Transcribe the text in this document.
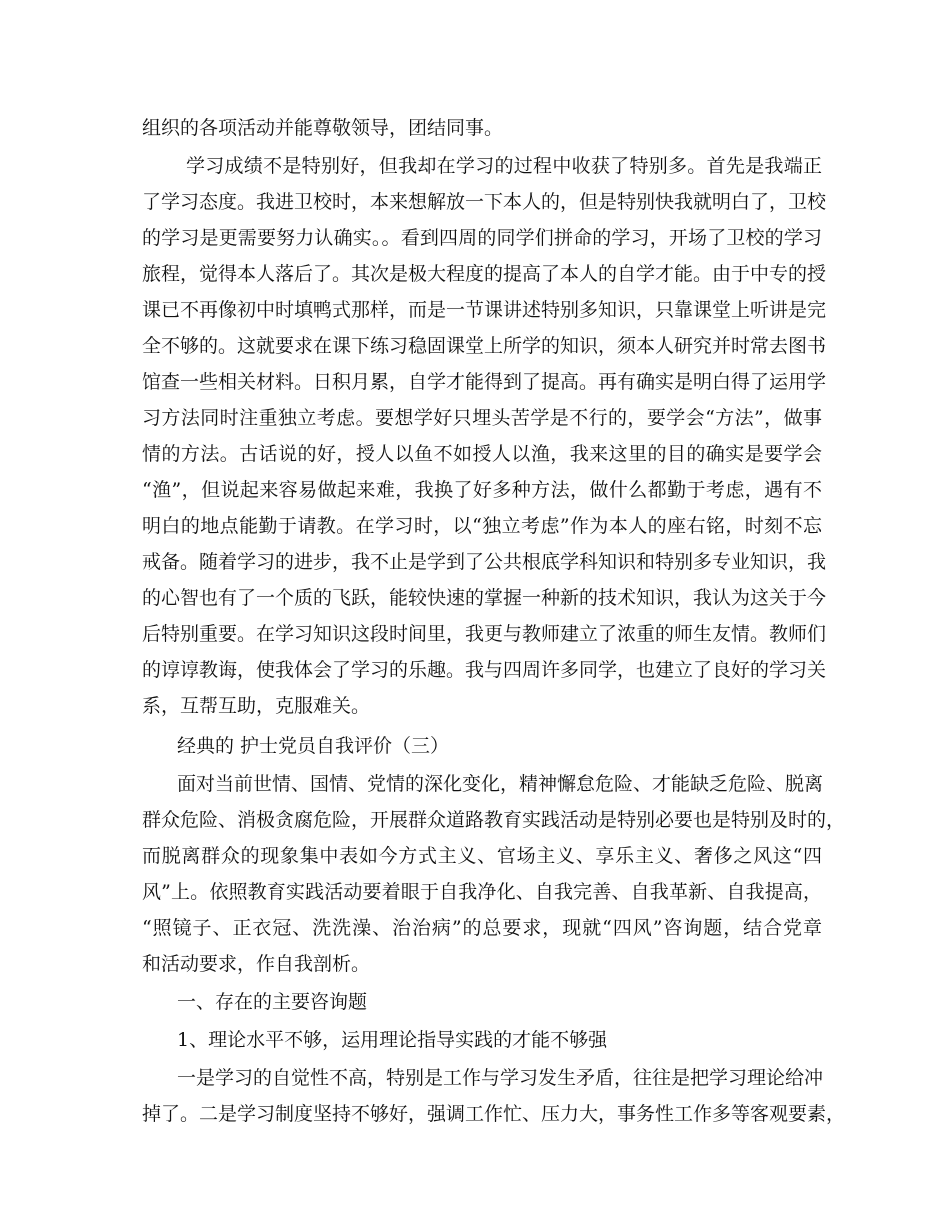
组织的各项活动并能尊敬领导，团结同事。
学习成绩不是特别好，但我却在学习的过程中收获了特别多。首先是我端正
了学习态度。我进卫校时，本来想解放一下本人的，但是特别快我就明白了，卫校
的学习是更需要努力认确实。。看到四周的同学们拼命的学习，开场了卫校的学习
旅程，觉得本人落后了。其次是极大程度的提高了本人的自学才能。由于中专的授
课已不再像初中时填鸭式那样，而是一节课讲述特别多知识，只靠课堂上听讲是完
全不够的。这就要求在课下练习稳固课堂上所学的知识，须本人研究并时常去图书
馆查一些相关材料。日积月累，自学才能得到了提高。再有确实是明白得了运用学
习方法同时注重独立考虑。要想学好只埋头苦学是不行的，要学会“方法”，做事
情的方法。古话说的好，授人以鱼不如授人以渔，我来这里的目的确实是要学会
“渔”，但说起来容易做起来难，我换了好多种方法，做什么都勤于考虑，遇有不
明白的地点能勤于请教。在学习时，以“独立考虑”作为本人的座右铭，时刻不忘
戒备。随着学习的进步，我不止是学到了公共根底学科知识和特别多专业知识，我
的心智也有了一个质的飞跃，能较快速的掌握一种新的技术知识，我认为这关于今
后特别重要。在学习知识这段时间里，我更与教师建立了浓重的师生友情。教师们
的谆谆教诲，使我体会了学习的乐趣。我与四周许多同学，也建立了良好的学习关
系，互帮互助，克服难关。
经典的 护士党员自我评价（三）
面对当前世情、国情、党情的深化变化，精神懈怠危险、才能缺乏危险、脱离
群众危险、消极贪腐危险，开展群众道路教育实践活动是特别必要也是特别及时的，
而脱离群众的现象集中表如今方式主义、官场主义、享乐主义、奢侈之风这“四
风”上。依照教育实践活动要着眼于自我净化、自我完善、自我革新、自我提高，
“照镜子、正衣冠、洗洗澡、治治病”的总要求，现就“四风”咨询题，结合党章
和活动要求，作自我剖析。
一、存在的主要咨询题
1、理论水平不够，运用理论指导实践的才能不够强
一是学习的自觉性不高，特别是工作与学习发生矛盾，往往是把学习理论给冲
掉了。二是学习制度坚持不够好，强调工作忙、压力大，事务性工作多等客观要素，
